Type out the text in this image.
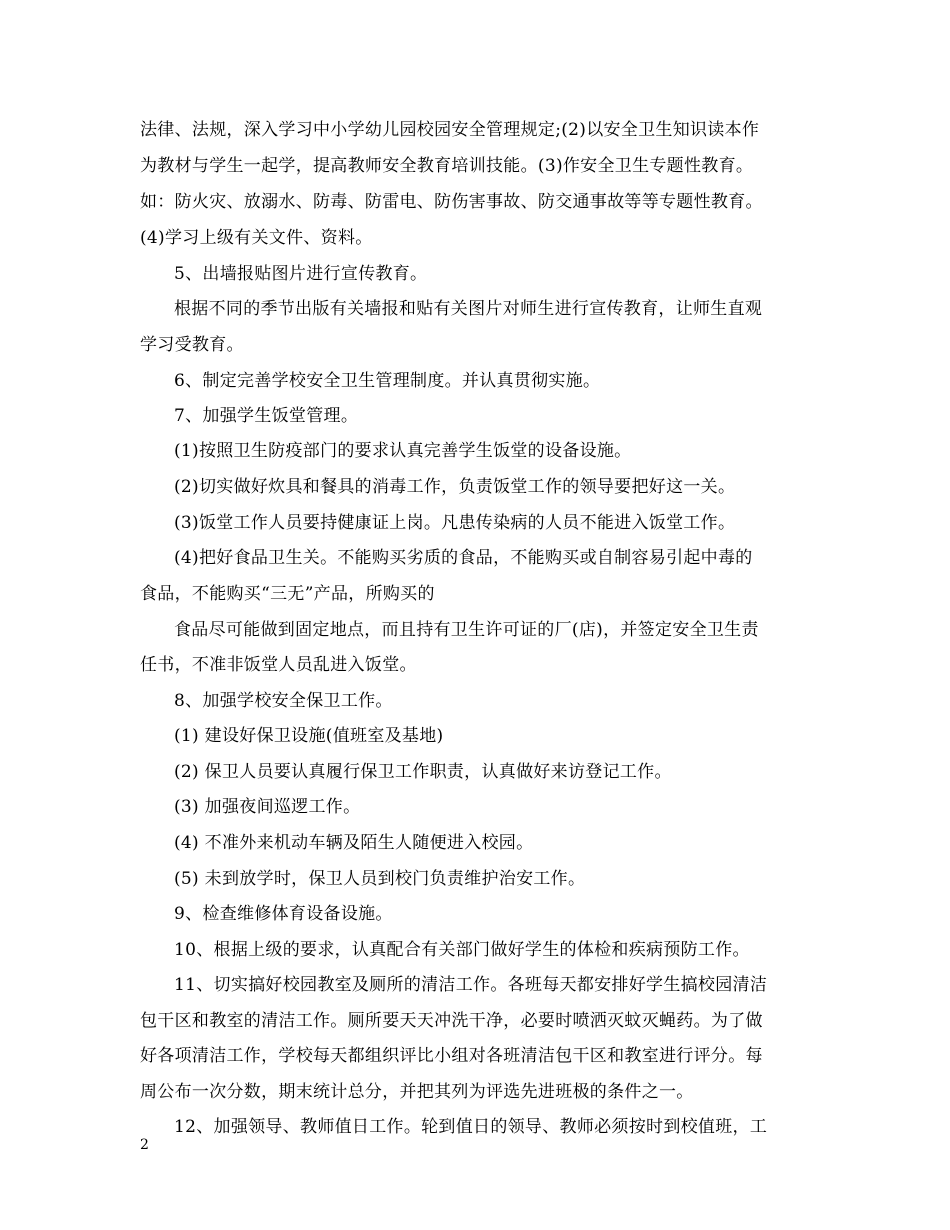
法律、法规，深入学习中小学幼儿园校园安全管理规定;(2)以安全卫生知识读本作

为教材与学生一起学，提高教师安全教育培训技能。(3)作安全卫生专题性教育。

如：防火灾、放溺水、防毒、防雷电、防伤害事故、防交通事故等等专题性教育。

(4)学习上级有关文件、资料。

5、出墙报贴图片进行宣传教育。

根据不同的季节出版有关墙报和贴有关图片对师生进行宣传教育，让师生直观

学习受教育。

6、制定完善学校安全卫生管理制度。并认真贯彻实施。

7、加强学生饭堂管理。

(1)按照卫生防疫部门的要求认真完善学生饭堂的设备设施。

(2)切实做好炊具和餐具的消毒工作，负责饭堂工作的领导要把好这一关。

(3)饭堂工作人员要持健康证上岗。凡患传染病的人员不能进入饭堂工作。

(4)把好食品卫生关。不能购买劣质的食品，不能购买或自制容易引起中毒的

食品，不能购买“三无”产品，所购买的

食品尽可能做到固定地点，而且持有卫生许可证的厂(店)，并签定安全卫生责

任书，不准非饭堂人员乱进入饭堂。

8、加强学校安全保卫工作。

(1) 建设好保卫设施(值班室及基地)

(2) 保卫人员要认真履行保卫工作职责，认真做好来访登记工作。

(3) 加强夜间巡逻工作。

(4) 不准外来机动车辆及陌生人随便进入校园。

(5) 未到放学时，保卫人员到校门负责维护治安工作。

9、检查维修体育设备设施。

10、根据上级的要求，认真配合有关部门做好学生的体检和疾病预防工作。

11、切实搞好校园教室及厕所的清洁工作。各班每天都安排好学生搞校园清洁

包干区和教室的清洁工作。厕所要天天冲洗干净，必要时喷洒灭蚊灭蝇药。为了做

好各项清洁工作，学校每天都组织评比小组对各班清洁包干区和教室进行评分。每

周公布一次分数，期末统计总分，并把其列为评选先进班极的条件之一。

12、加强领导、教师值日工作。轮到值日的领导、教师必须按时到校值班，工

2
